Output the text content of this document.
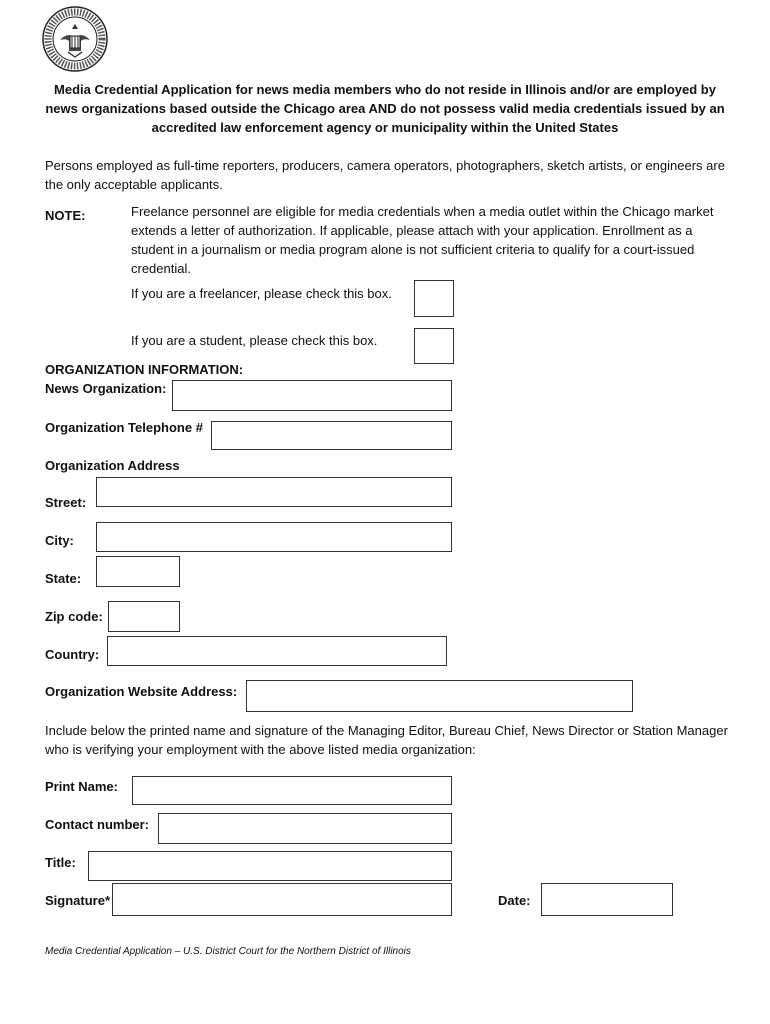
Media Credential Application for news media members who do not reside in Illinois and/or are employed by news organizations based outside the Chicago area AND do not possess valid media credentials issued by an accredited law enforcement agency or municipality within the United States
Persons employed as full-time reporters, producers, camera operators, photographers, sketch artists, or engineers are the only acceptable applicants.
NOTE:	Freelance personnel are eligible for media credentials when a media outlet within the Chicago market extends a letter of authorization. If applicable, please attach with your application. Enrollment as a student in a journalism or media program alone is not sufficient criteria to qualify for a court-issued credential.
If you are a freelancer, please check this box.
If you are a student, please check this box.
ORGANIZATION INFORMATION:
News Organization:
Organization Telephone #
Organization Address
Street:
City:
State:
Zip code:
Country:
Organization Website Address:
Include below the printed name and signature of the Managing Editor, Bureau Chief, News Director or Station Manager who is verifying your employment with the above listed media organization:
Print Name:
Contact number:
Title:
Signature*	Date:
Media Credential Application – U.S. District Court for the Northern District of Illinois
